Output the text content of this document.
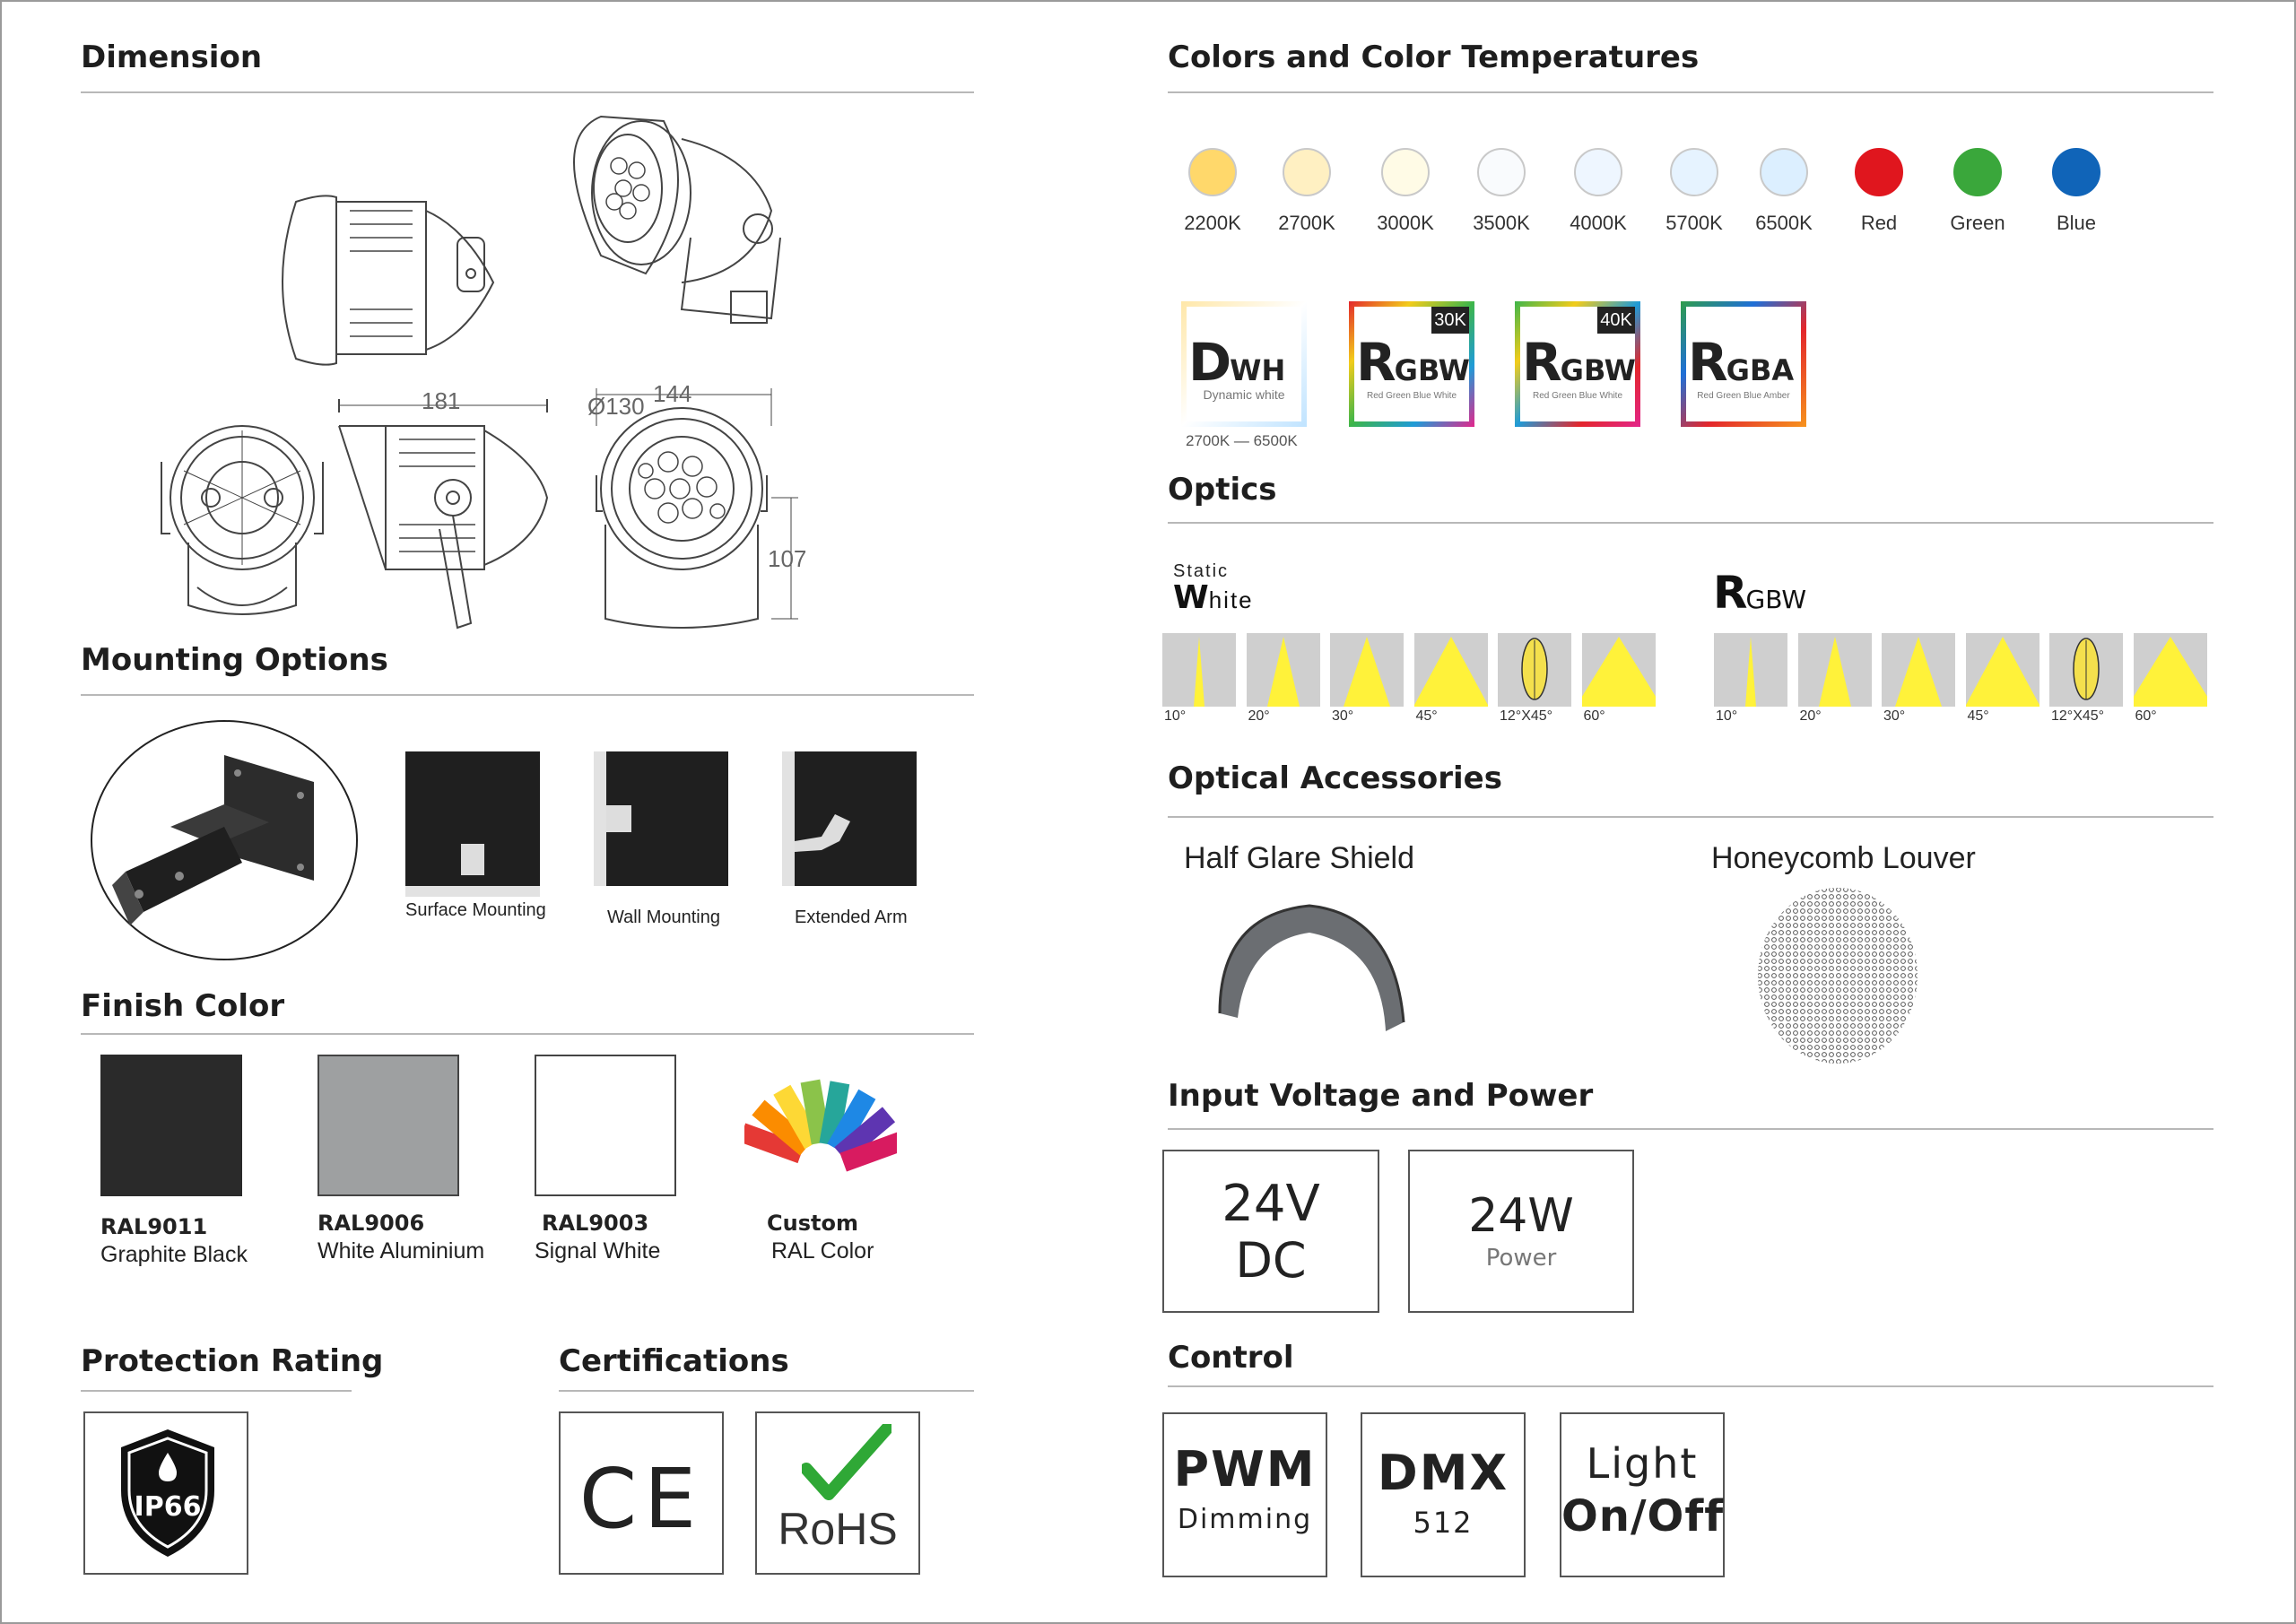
Dimension
181	Ø130 144
107
Mounting Options
Surface Mounting	Wall Mounting	Extended Arm
Finish Color
RAL9011
Graphite Black
RAL9006
White Aluminium
RAL9003
Signal White
Custom
RAL Color
Protection Rating
IP66
Certifications
CE	RoHS
Colors and Color Temperatures
2200K	2700K	3000K	3500K	4000K	5700K	6500K	Red	Green	Blue
DWH
Dynamic white
2700K — 6500K
RGBW
Red Green Blue White
30K
RGBW
Red Green Blue White
40K
RGBA
Red Green Blue Amber
Optics
Static
White	RGBW
10°	20°	30°	45°	12°X45° 60°	10°	20°	30°	45°	12°X45° 60°
Optical Accessories
Half Glare Shield	Honeycomb Louver
Input Voltage and Power
24V
DC
24W
Power
Control
PWM
Dimming
DMX
512
Light
On/Off
